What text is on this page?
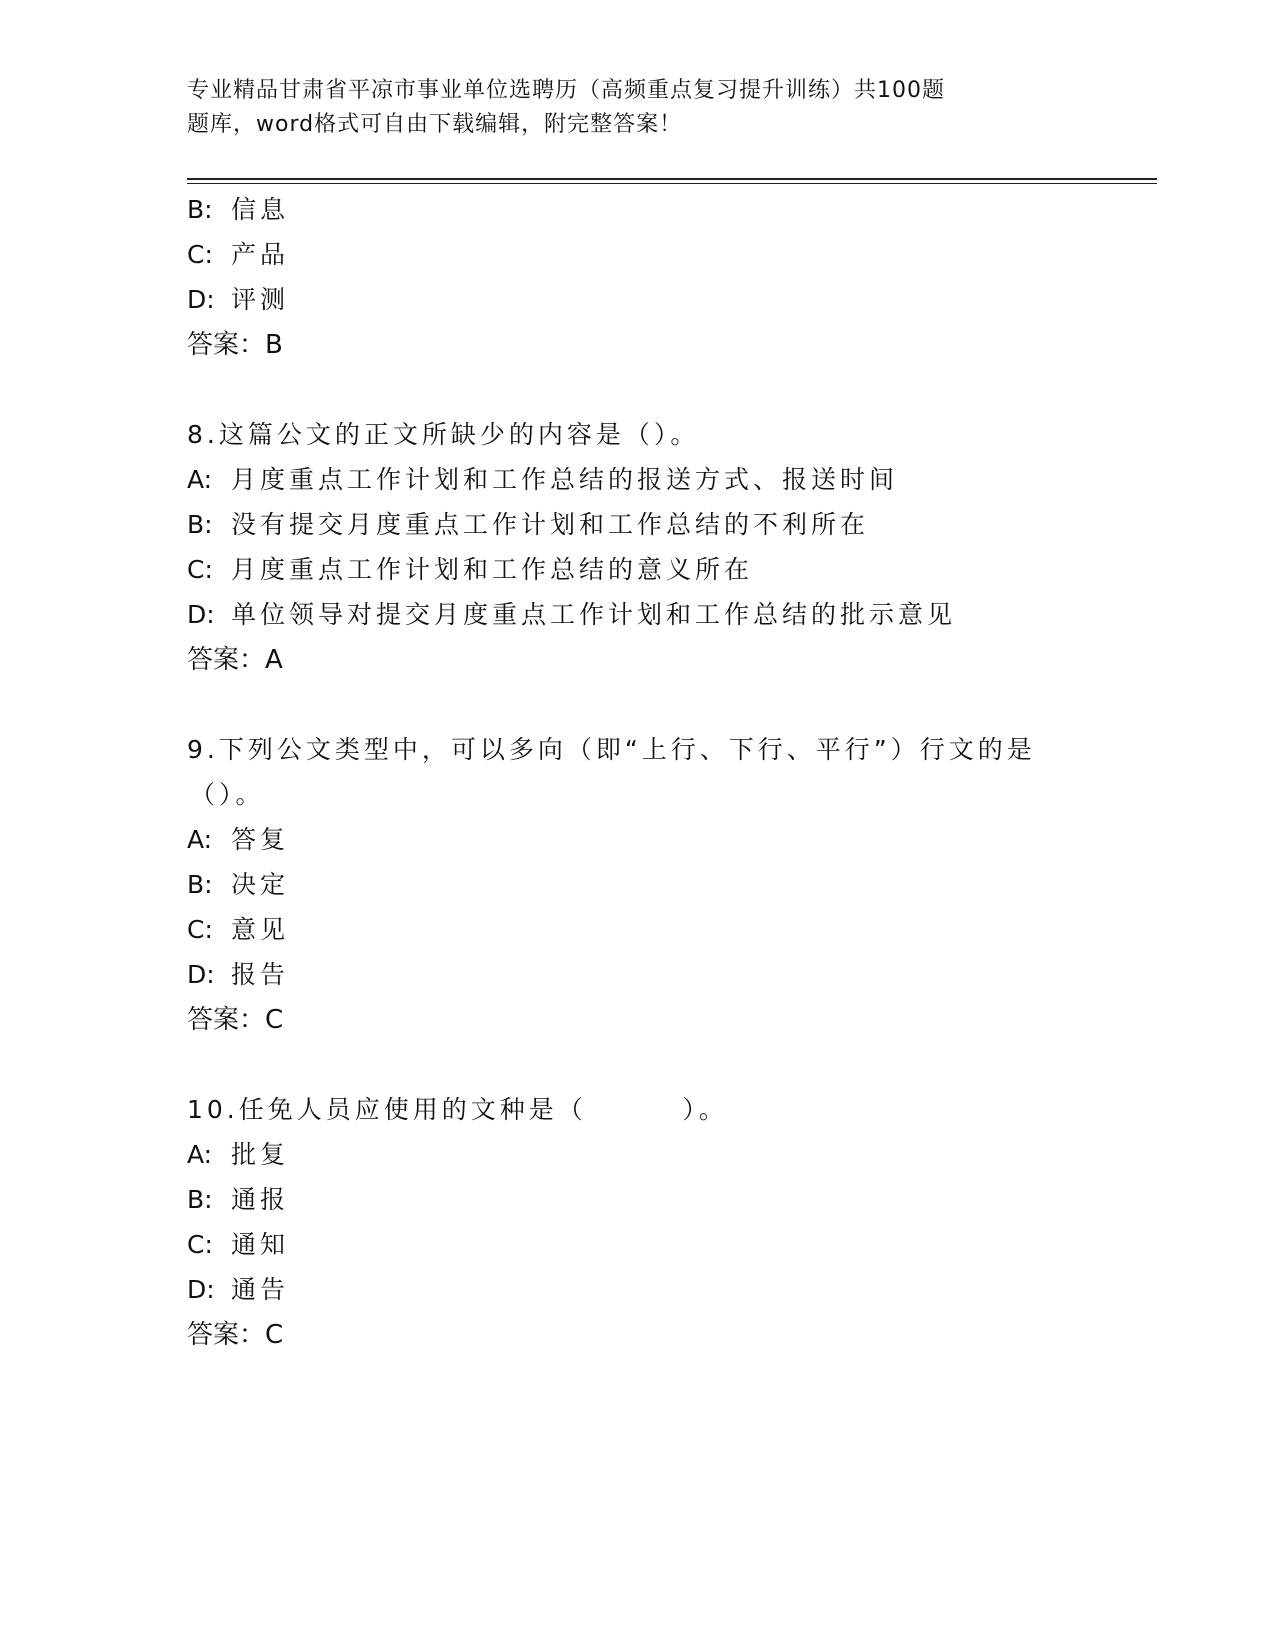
专业精品甘肃省平凉市事业单位选聘历（高频重点复习提升训练）共100题
题库，word格式可自由下载编辑，附完整答案！
B: 信息
C: 产品
D: 评测
答案：B
8.这篇公文的正文所缺少的内容是（）。
A: 月度重点工作计划和工作总结的报送方式、报送时间
B: 没有提交月度重点工作计划和工作总结的不利所在
C: 月度重点工作计划和工作总结的意义所在
D: 单位领导对提交月度重点工作计划和工作总结的批示意见
答案：A
9.下列公文类型中，可以多向（即“上行、下行、平行”）行文的是
（）。
A: 答复
B: 决定
C: 意见
D: 报告
答案：C
10.任免人员应使用的文种是（        ）。
A: 批复
B: 通报
C: 通知
D: 通告
答案：C
